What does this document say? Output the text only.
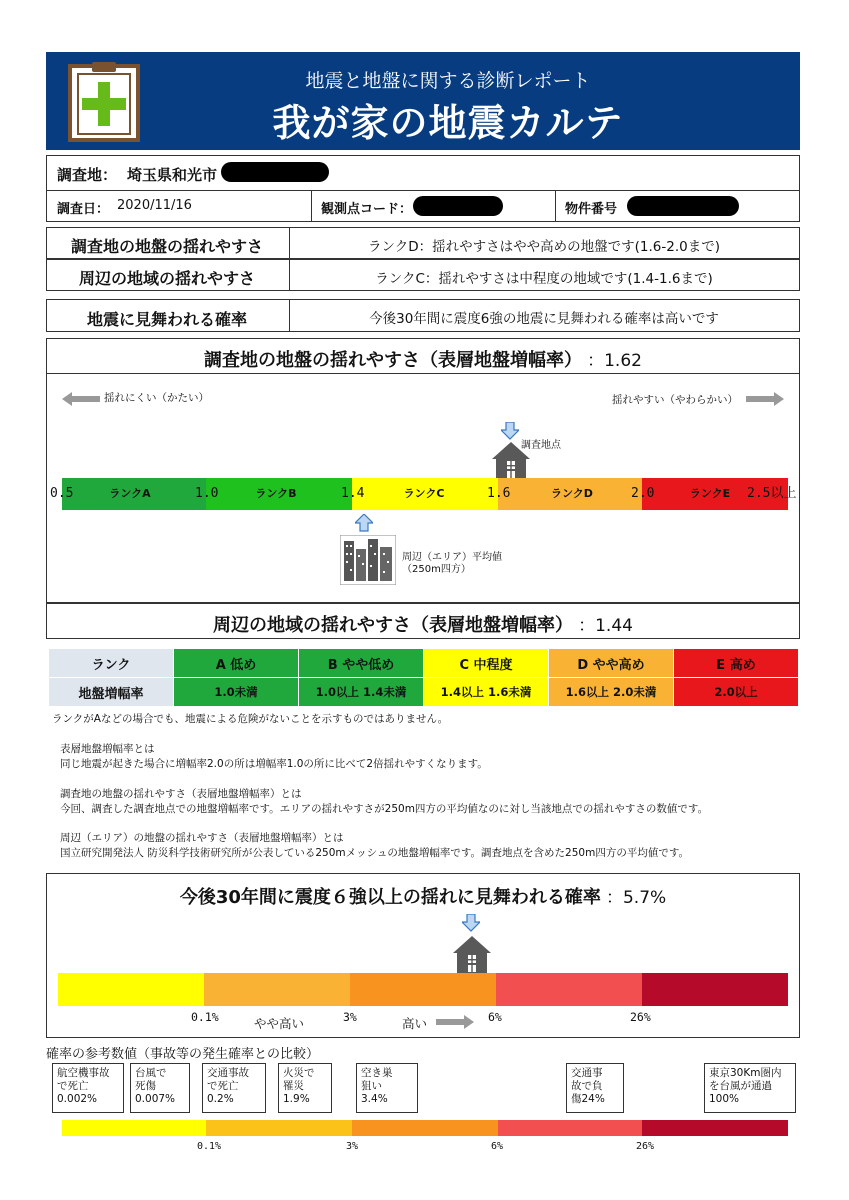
地震と地盤に関する診断レポート
我が家の地震カルテ
調査地： 埼玉県和光市
調査日： 2020/11/16	観測点コード：	物件番号
調査地の地盤の揺れやすさ	ランクD：揺れやすさはやや高めの地盤です(1.6-2.0まで)
周辺の地域の揺れやすさ	ランクC：揺れやすさは中程度の地域です(1.4-1.6まで)
地震に見舞われる確率	今後30年間に震度6強の地震に見舞われる確率は高いです
調査地の地盤の揺れやすさ（表層地盤増幅率） ：1.62
揺れにくい（かたい）	揺れやすい（やわらかい）
調査地点
ランクA	ランクB	ランクC	ランクD	ランクE
0.5	1.0	1.4	1.6	2.0	2.5以上
周辺（エリア）平均値
（250m四方）
周辺の地域の揺れやすさ（表層地盤増幅率） ：1.44
ランク	A 低め	B やや低め	C 中程度	D やや高め	E 高め
地盤増幅率	1.0未満	1.0以上 1.4未満	1.4以上 1.6未満	1.6以上 2.0未満	2.0以上
ランクがAなどの場合でも、地震による危険がないことを示すものではありません。
表層地盤増幅率とは
同じ地震が起きた場合に増幅率2.0の所は増幅率1.0の所に比べて2倍揺れやすくなります。
調査地の地盤の揺れやすさ（表層地盤増幅率）とは
今回、調査した調査地点での地盤増幅率です。エリアの揺れやすさが250m四方の平均値なのに対し当該地点での揺れやすさの数値です。
周辺（エリア）の地盤の揺れやすさ（表層地盤増幅率）とは
国立研究開発法人 防災科学技術研究所が公表している250mメッシュの地盤増幅率です。調査地点を含めた250m四方の平均値です。
今後30年間に震度６強以上の揺れに見舞われる確率 ：5.7%
0.1%	3%	6%	26%
やや高い	高い
確率の参考数値（事故等の発生確率との比較）
航空機事故
で死亡
0.002%
台風で
死傷
0.007%
交通事故
で死亡
0.2%
火災で
罹災
1.9%
空き巣
狙い
3.4%
交通事
故で負
傷24%
東京30Km圏内
を台風が通過
100%
0.1%	3%	6%	26%
